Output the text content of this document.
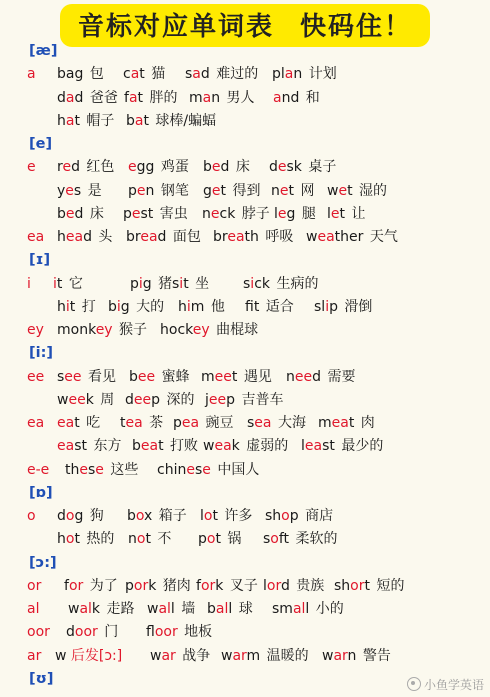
音标对应单词表 快码住！
[æ]
a bag 包 cat 猫 sad 难过的 plan 计划
dad 爸爸 fat 胖的 man 男人 and 和
hat 帽子 bat 球棒/蝙蝠
[e]
e red 红色 egg 鸡蛋 bed 床 desk 桌子
yes 是 pen 钢笔 get 得到 net 网 wet 湿的
bed 床 pest 害虫 neck 脖子 leg 腿 let 让
ea head 头 bread 面包 breath 呼吸 weather 天气
[ɪ]
i it 它	pig 猪 sit 坐 sick 生病的
hit 打 big 大的 him 他 ft 适合 slip 滑倒
ey monkey 猴子 hockey 曲棍球
[i:]
ee see 看见 bee 蜜蜂 meet 遇见 need 需要
week 周 deep 深的 jeep 吉普车
ea eat 吃 tea 茶 pea 豌豆 sea 大海 meat 肉
east 东方 beat 打败 weak 虚弱的 least 最少的
e-e these 这些 chinese 中国人
[ɒ]
o dog 狗 box 箱子 lot 许多 shop 商店
hot 热的 not 不 pot 锅 soft 柔软的
[ɔ:]
or for 为了 pork 猪肉 fork 叉子 lord 贵族 short 短的
al walk 走路 wall 墙 ball 球 small 小的
oor door 门 floor 地板
ar w 后发[ɔ:] war 战争 warm 温暖的 warn 警告
[ʊ]	小鱼学英语
